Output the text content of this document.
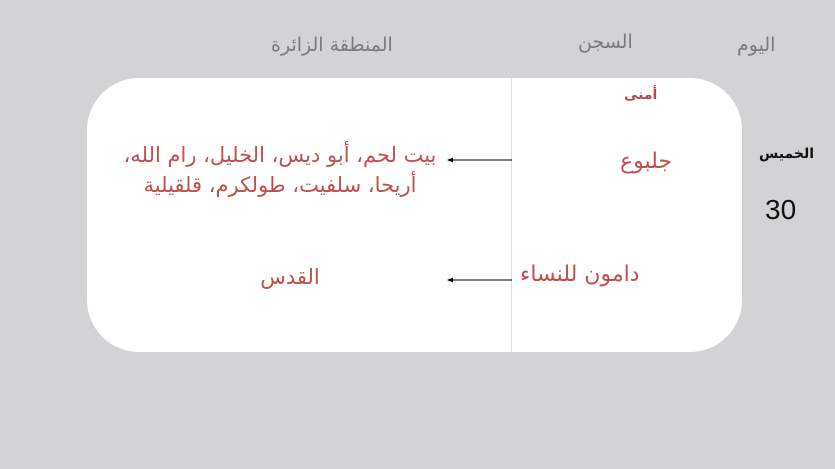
اليوم
السجن
المنطقة الزائرة
أمنى
جلبوع
بيت لحم، أبو ديس، الخليل، رام الله، أريحا، سلفيت، طولكرم، قلقيلية
دامون للنساء
القدس
الخميس
30
